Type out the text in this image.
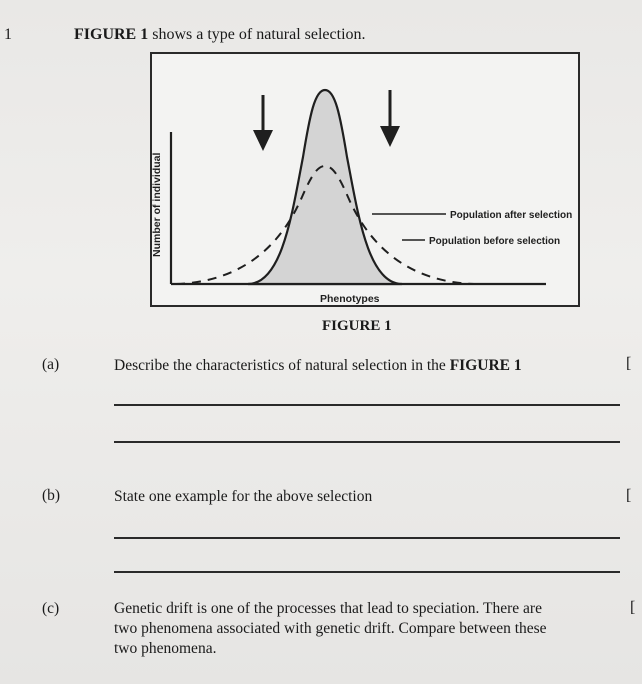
1	FIGURE 1 shows a type of natural selection.
Number of individual
Phenotypes
Population after selection
Population before selection
FIGURE 1
(a)	Describe the characteristics of natural selection in the FIGURE 1	[
(b)	State one example for the above selection	[
(c)	Genetic drift is one of the processes that lead to speciation. There are
two phenomena associated with genetic drift. Compare between these
two phenomena.
[
